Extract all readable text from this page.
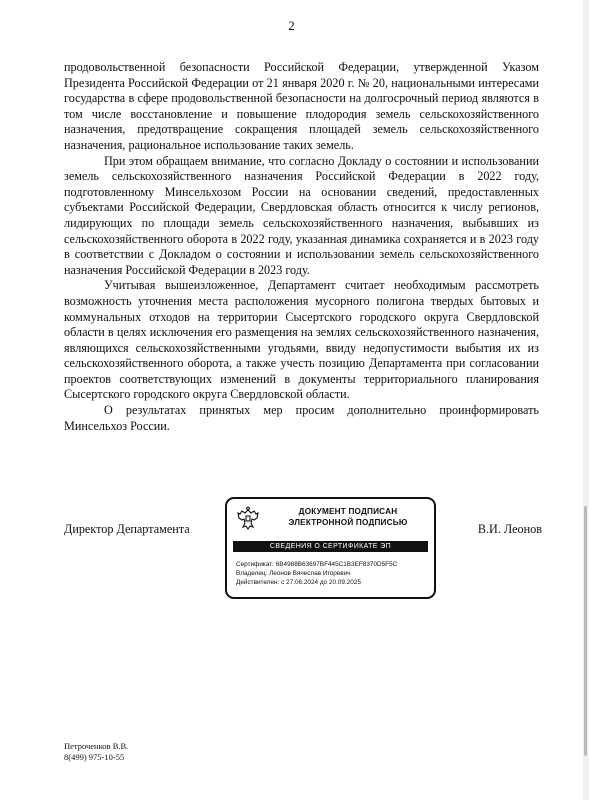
2

продовольственной безопасности Российской Федерации, утвержденной Указом Президента Российской Федерации от 21 января 2020 г. № 20, национальными интересами государства в сфере продовольственной безопасности на долгосрочный период являются в том числе восстановление и повышение плодородия земель сельскохозяйственного назначения, предотвращение сокращения площадей земель сельскохозяйственного назначения, рациональное использование таких земель.

При этом обращаем внимание, что согласно Докладу о состоянии и использовании земель сельскохозяйственного назначения Российской Федерации в 2022 году, подготовленному Минсельхозом России на основании сведений, предоставленных субъектами Российской Федерации, Свердловская область относится к числу регионов, лидирующих по площади земель сельскохозяйственного назначения, выбывших из сельскохозяйственного оборота в 2022 году, указанная динамика сохраняется и в 2023 году в соответствии с Докладом о состоянии и использовании земель сельскохозяйственного назначения Российской Федерации в 2023 году.

Учитывая вышеизложенное, Департамент считает необходимым рассмотреть возможность уточнения места расположения мусорного полигона твердых бытовых и коммунальных отходов на территории Сысертского городского округа Свердловской области в целях исключения его размещения на землях сельскохозяйственного назначения, являющихся сельскохозяйственными угодьями, ввиду недопустимости выбытия их из сельскохозяйственного оборота, а также учесть позицию Департамента при согласовании проектов соответствующих изменений в документы территориального планирования Сысертского городского округа Свердловской области.

О результатах принятых мер просим дополнительно проинформировать Минсельхоз России.

Директор Департамента	В.И. Леонов
ДОКУМЕНТ ПОДПИСАН
ЭЛЕКТРОННОЙ ПОДПИСЬЮ
СВЕДЕНИЯ О СЕРТИФИКАТЕ ЭП
Сертификат: 6B4988B63697BF445C1B3EF8370D5F5C
Владелец: Леонов Вячеслав Игоревич
Действителен: с 27.06.2024 до 20.09.2025
Петроченков В.В.
8(499) 975-10-55
